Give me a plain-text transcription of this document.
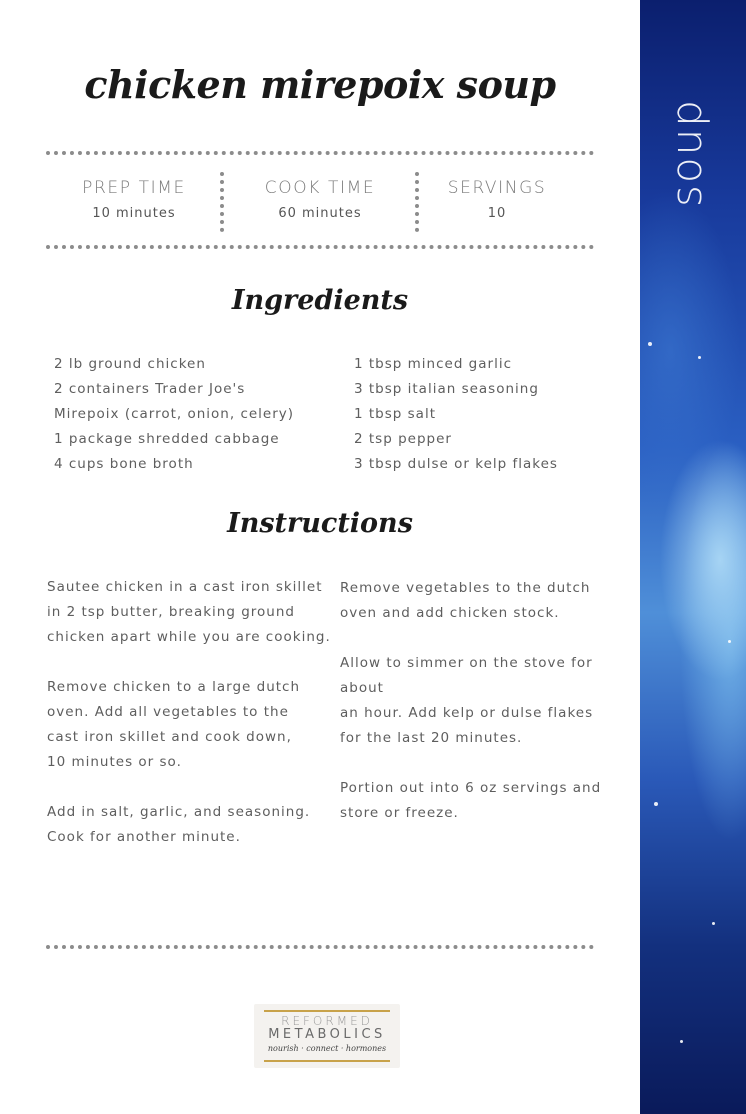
chicken mirepoix soup
PREP TIME
10 minutes
COOK TIME
60 minutes
SERVINGS
10
Ingredients
2 lb ground chicken
2 containers Trader Joe's
Mirepoix (carrot, onion, celery)
1 package shredded cabbage
4 cups bone broth
1 tbsp minced garlic
3 tbsp italian seasoning
1 tbsp salt
2 tsp pepper
3 tbsp dulse or kelp flakes
Instructions

Sautee chicken in a cast iron skillet
in 2 tsp butter, breaking ground
chicken apart while you are cooking.

Remove chicken to a large dutch
oven. Add all vegetables to the
cast iron skillet and cook down,
10 minutes or so.

Add in salt, garlic, and seasoning.
Cook for another minute.

Remove vegetables to the dutch
oven and add chicken stock.

Allow to simmer on the stove for about
an hour. Add kelp or dulse flakes
for the last 20 minutes.

Portion out into 6 oz servings and
store or freeze.

REFORMED
METABOLICS
nourish · connect · hormones
soup
